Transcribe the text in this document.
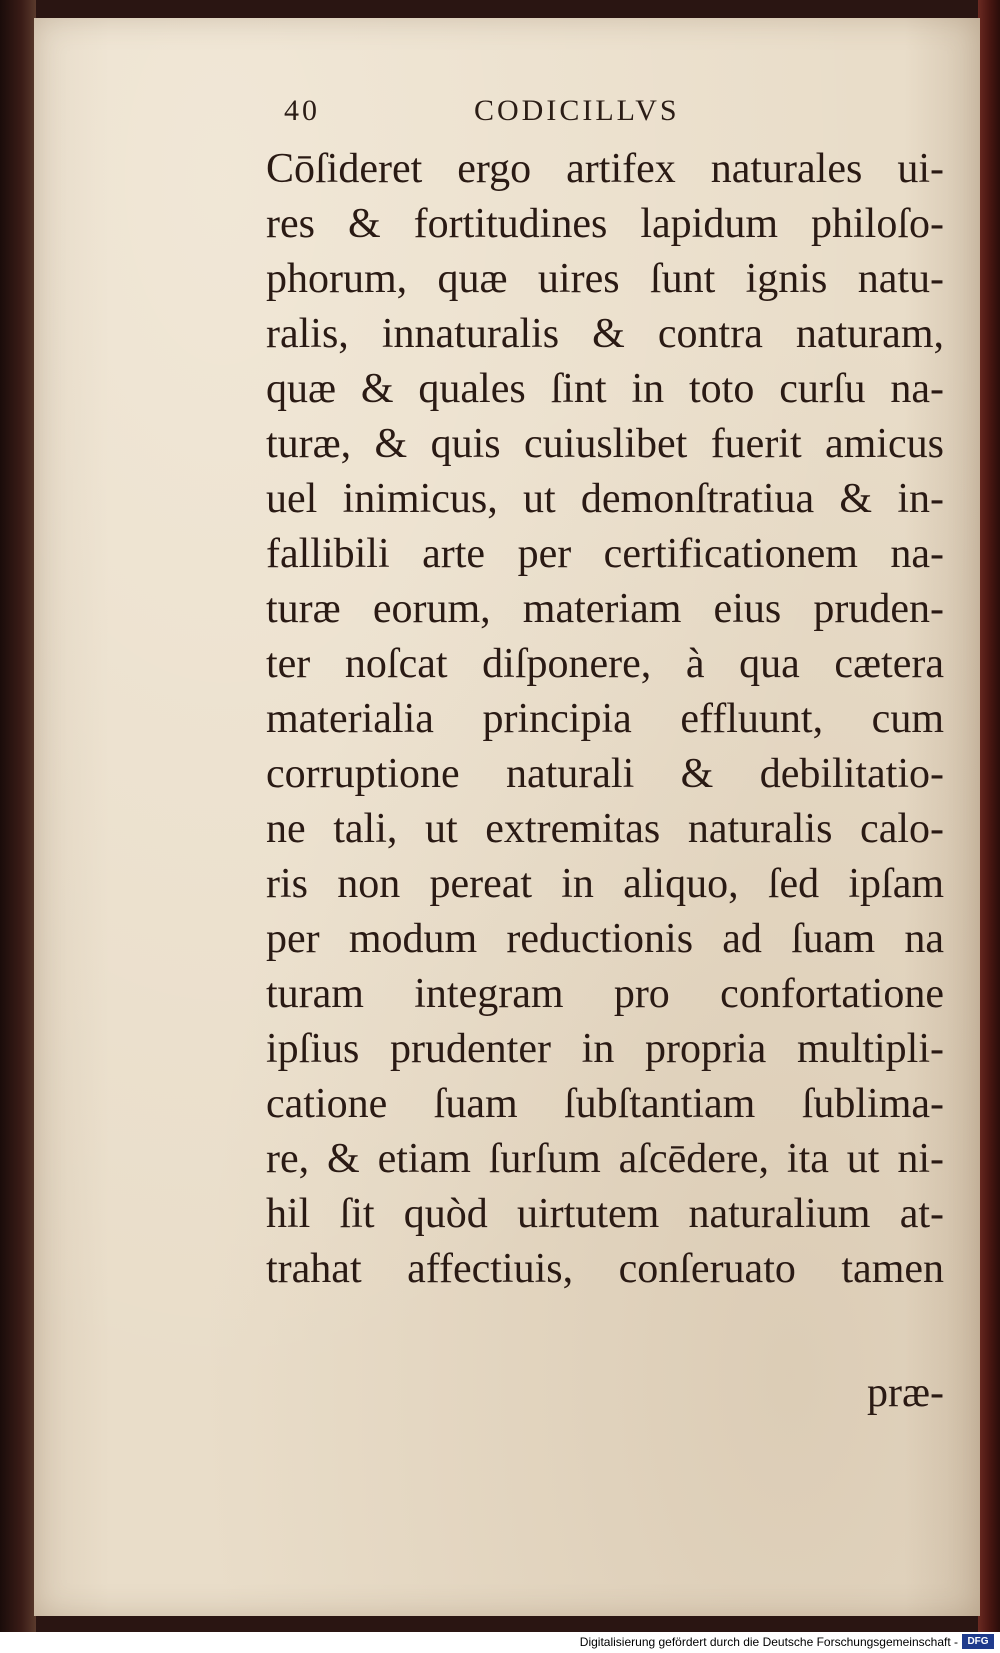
40	CODICILLVS
Cōſideret ergo artifex naturales ui-
res & fortitudines lapidum philoſo-
phorum, quæ uires ſunt ignis natu-
ralis, innaturalis & contra naturam,
quæ & quales ſint in toto curſu na-
turæ, & quis cuiuslibet fuerit amicus
uel inimicus, ut demonſtratiua & in-
fallibili arte per certificationem na-
turæ eorum, materiam eius pruden-
ter noſcat diſponere, à qua cætera
materialia principia effluunt, cum
corruptione naturali & debilitatio-
ne tali, ut extremitas naturalis calo-
ris non pereat in aliquo, ſed ipſam
per modum reductionis ad ſuam na
turam integram pro confortatione
ipſius prudenter in propria multipli-
catione ſuam ſubſtantiam ſublima-
re, & etiam ſurſum aſcēdere, ita ut ni-
hil ſit quòd uirtutem naturalium at-
trahat affectiuis, conſeruato tamen
præ-
Digitalisierung gefördert durch die Deutsche Forschungsgemeinschaft - DFG
